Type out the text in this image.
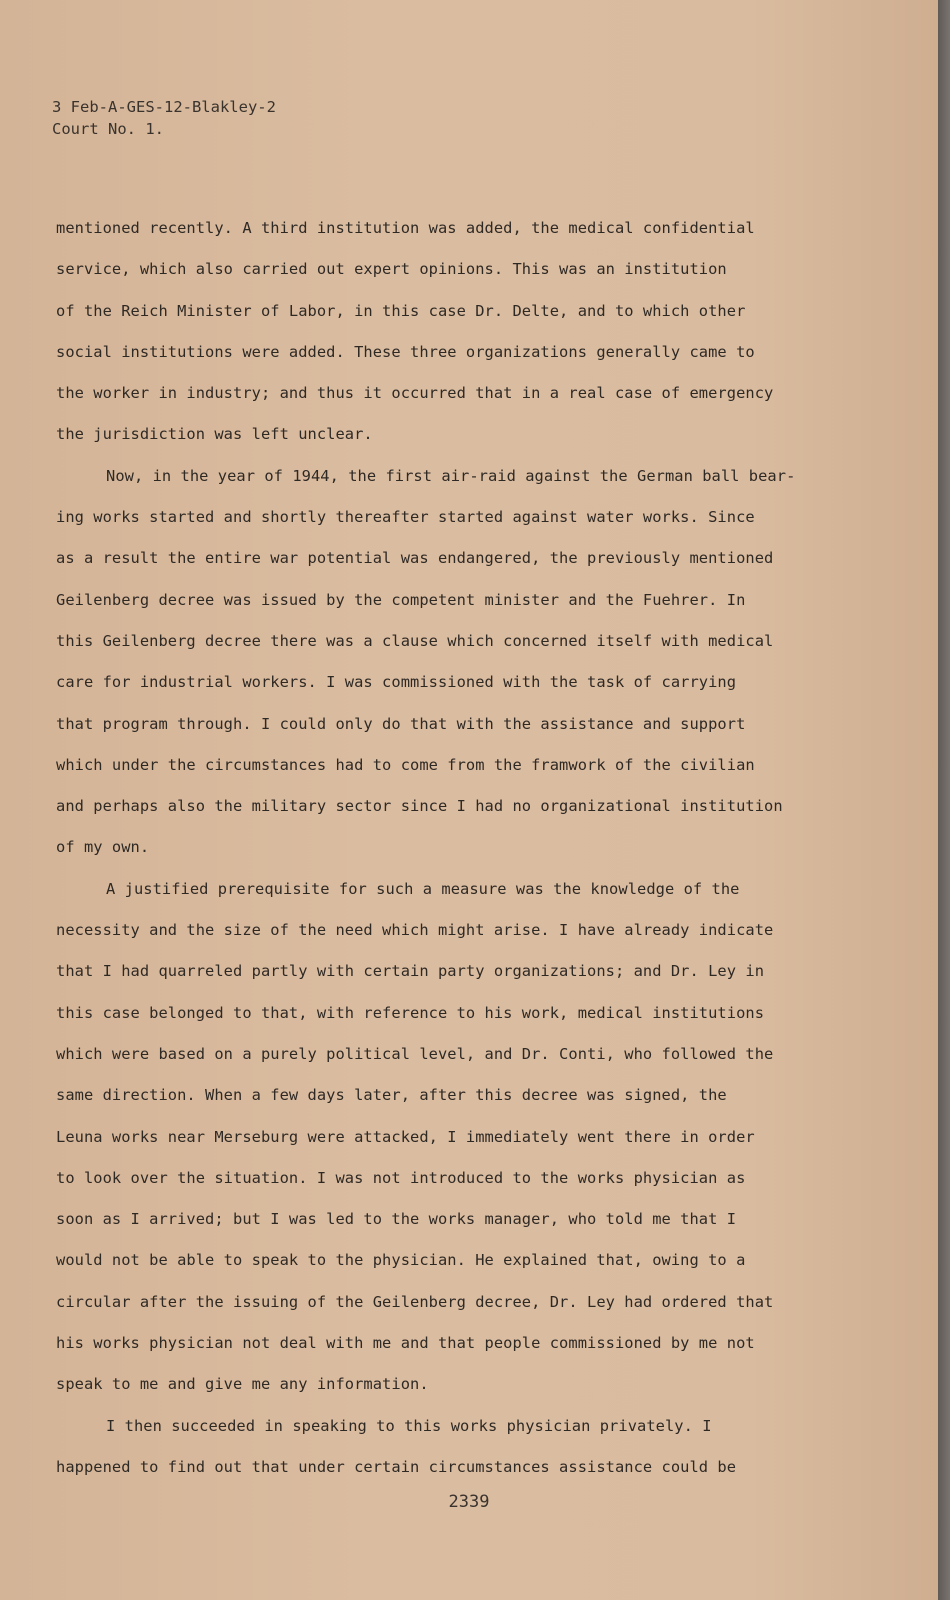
3 Feb-A-GES-12-Blakley-2
Court No. 1.
mentioned recently. A third institution was added, the medical confidential
service, which also carried out expert opinions. This was an institution
of the Reich Minister of Labor, in this case Dr. Delte, and to which other
social institutions were added. These three organizations generally came to
the worker in industry; and thus it occurred that in a real case of emergency
the jurisdiction was left unclear.
Now, in the year of 1944, the first air-raid against the German ball bear-
ing works started and shortly thereafter started against water works. Since
as a result the entire war potential was endangered, the previously mentioned
Geilenberg decree was issued by the competent minister and the Fuehrer. In
this Geilenberg decree there was a clause which concerned itself with medical
care for industrial workers. I was commissioned with the task of carrying
that program through. I could only do that with the assistance and support
which under the circumstances had to come from the framwork of the civilian
and perhaps also the military sector since I had no organizational institution
of my own.
A justified prerequisite for such a measure was the knowledge of the
necessity and the size of the need which might arise. I have already indicate
that I had quarreled partly with certain party organizations; and Dr. Ley in
this case belonged to that, with reference to his work, medical institutions
which were based on a purely political level, and Dr. Conti, who followed the
same direction. When a few days later, after this decree was signed, the
Leuna works near Merseburg were attacked, I immediately went there in order
to look over the situation. I was not introduced to the works physician as
soon as I arrived; but I was led to the works manager, who told me that I
would not be able to speak to the physician. He explained that, owing to a
circular after the issuing of the Geilenberg decree, Dr. Ley had ordered that
his works physician not deal with me and that people commissioned by me not
speak to me and give me any information.
I then succeeded in speaking to this works physician privately. I
happened to find out that under certain circumstances assistance could be
2339
